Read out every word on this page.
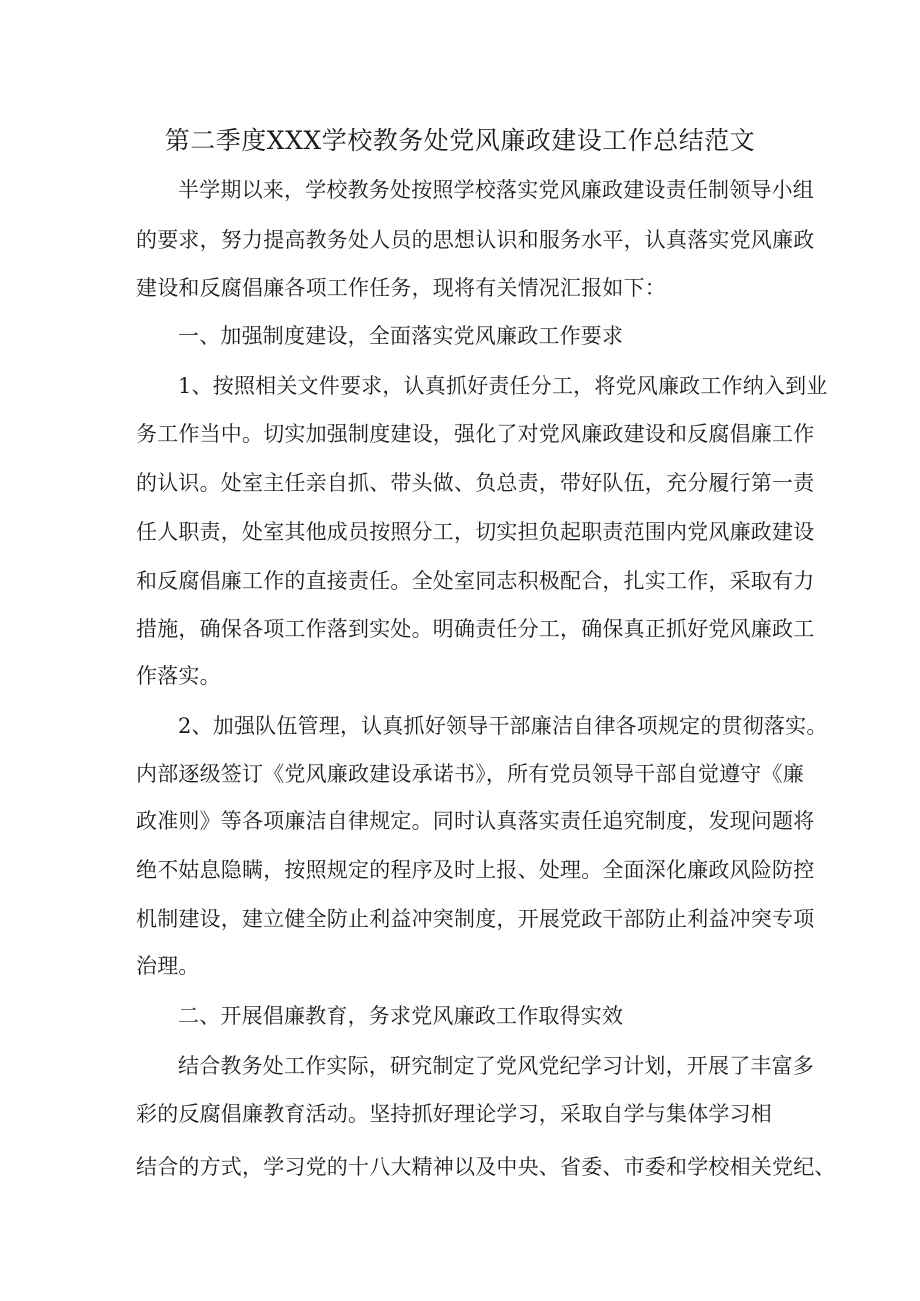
第二季度XXX学校教务处党风廉政建设工作总结范文
半学期以来，学校教务处按照学校落实党风廉政建设责任制领导小组
的要求，努力提高教务处人员的思想认识和服务水平，认真落实党风廉政
建设和反腐倡廉各项工作任务，现将有关情况汇报如下：
一、加强制度建设，全面落实党风廉政工作要求
1、按照相关文件要求，认真抓好责任分工，将党风廉政工作纳入到业
务工作当中。切实加强制度建设，强化了对党风廉政建设和反腐倡廉工作
的认识。处室主任亲自抓、带头做、负总责，带好队伍，充分履行第一责
任人职责，处室其他成员按照分工，切实担负起职责范围内党风廉政建设
和反腐倡廉工作的直接责任。全处室同志积极配合，扎实工作，采取有力
措施，确保各项工作落到实处。明确责任分工，确保真正抓好党风廉政工
作落实。
2、加强队伍管理，认真抓好领导干部廉洁自律各项规定的贯彻落实。
内部逐级签订《党风廉政建设承诺书》，所有党员领导干部自觉遵守《廉
政准则》等各项廉洁自律规定。同时认真落实责任追究制度，发现问题将
绝不姑息隐瞒，按照规定的程序及时上报、处理。全面深化廉政风险防控
机制建设，建立健全防止利益冲突制度，开展党政干部防止利益冲突专项
治理。
二、开展倡廉教育，务求党风廉政工作取得实效
结合教务处工作实际，研究制定了党风党纪学习计划，开展了丰富多
彩的反腐倡廉教育活动。坚持抓好理论学习，采取自学与集体学习相
结合的方式，学习党的十八大精神以及中央、省委、市委和学校相关党纪、
